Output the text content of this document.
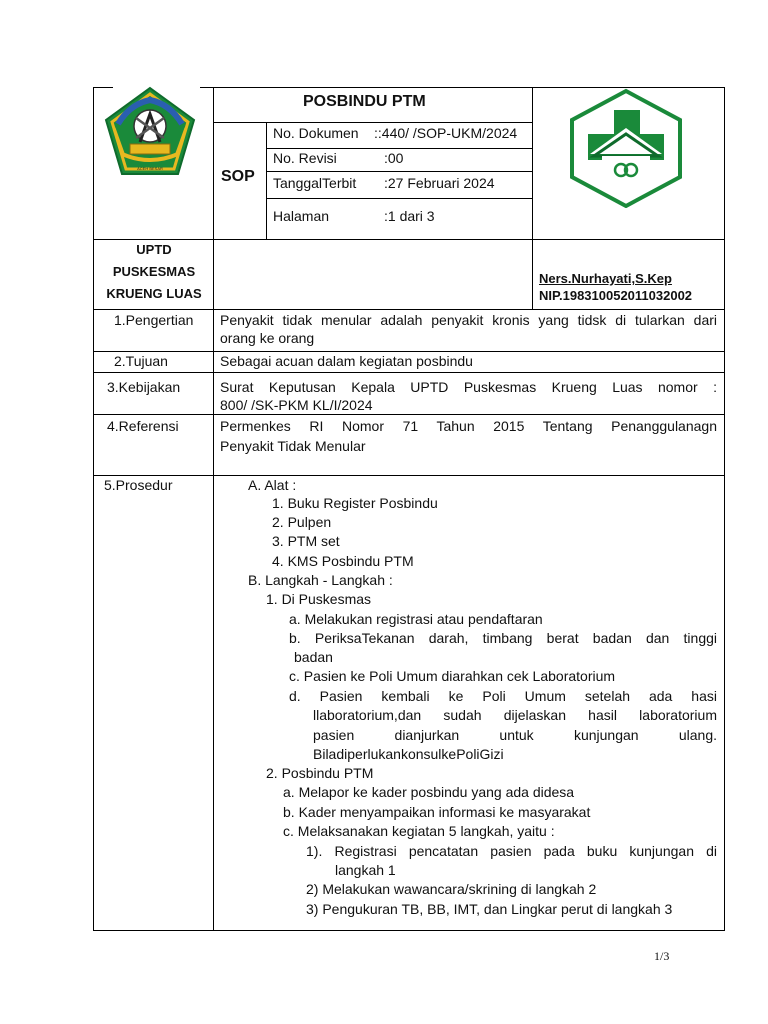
ACEH BESAR
POSBINDU PTM
SOP
No. Dokumen ::440/ /SOP-UKM/2024
No. Revisi	:00
TanggalTerbit :27 Februari 2024
Halaman	:1 dari 3
UPTD
PUSKESMAS
KRUENG LUAS
Ners.Nurhayati,S.Kep
NIP.198310052011032002
1.Pengertian Penyakit tidak menular adalah penyakit kronis yang tidsk di tularkan dari
orang ke orang
2.Tujuan	Sebagai acuan dalam kegiatan posbindu
3.Kebijakan	Surat Keputusan Kepala UPTD Puskesmas Krueng Luas nomor :
800/ /SK-PKM KL/I/2024
4.Referensi	Permenkes RI Nomor 71 Tahun 2015 Tentang Penanggulanagn
Penyakit Tidak Menular
5.Prosedur	A. Alat :
1. Buku Register Posbindu
2. Pulpen
3. PTM set
4. KMS Posbindu PTM
B. Langkah - Langkah :
1. Di Puskesmas
a. Melakukan registrasi atau pendaftaran
b. PeriksaTekanan darah, timbang berat badan dan tinggi
badan
c. Pasien ke Poli Umum diarahkan cek Laboratorium
d. Pasien kembali ke Poli Umum setelah ada hasi
llaboratorium,dan sudah dijelaskan hasil laboratorium
pasien dianjurkan untuk kunjungan ulang.
BiladiperlukankonsulkePoliGizi
2. Posbindu PTM
a. Melapor ke kader posbindu yang ada didesa
b. Kader menyampaikan informasi ke masyarakat
c. Melaksanakan kegiatan 5 langkah, yaitu :
1). Registrasi pencatatan pasien pada buku kunjungan di
langkah 1
2) Melakukan wawancara/skrining di langkah 2
3) Pengukuran TB, BB, IMT, dan Lingkar perut di langkah 3
1/3
